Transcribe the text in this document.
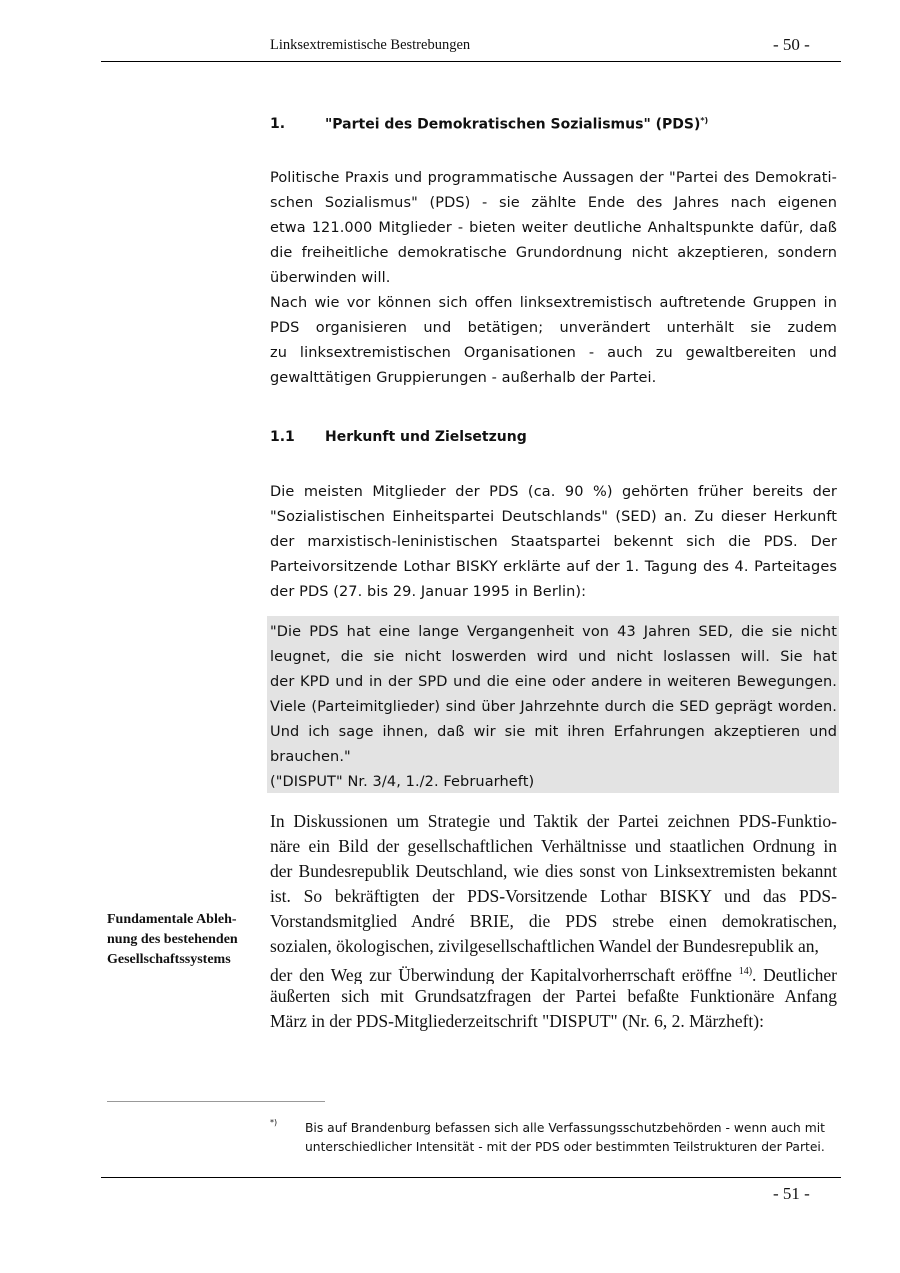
Linksextremistische Bestrebungen	- 50 -
1.	"Partei des Demokratischen Sozialismus" (PDS)*)
Politische Praxis und programmatische Aussagen der "Partei des Demokrati-
schen Sozialismus" (PDS) - sie zählte Ende des Jahres nach eigenen
etwa 121.000 Mitglieder - bieten weiter deutliche Anhaltspunkte dafür, daß
die freiheitliche demokratische Grundordnung nicht akzeptieren, sondern
überwinden will.
Nach wie vor können sich offen linksextremistisch auftretende Gruppen in
PDS organisieren und betätigen; unverändert unterhält sie zudem
zu linksextremistischen Organisationen - auch zu gewaltbereiten und
gewalttätigen Gruppierungen - außerhalb der Partei.
1.1 Herkunft und Zielsetzung
Die meisten Mitglieder der PDS (ca. 90 %) gehörten früher bereits der
"Sozialistischen Einheitspartei Deutschlands" (SED) an. Zu dieser Herkunft
der marxistisch-leninistischen Staatspartei bekennt sich die PDS. Der
Parteivorsitzende Lothar BISKY erklärte auf der 1. Tagung des 4. Parteitages
der PDS (27. bis 29. Januar 1995 in Berlin):
"Die PDS hat eine lange Vergangenheit von 43 Jahren SED, die sie nicht
leugnet, die sie nicht loswerden wird und nicht loslassen will. Sie hat
der KPD und in der SPD und die eine oder andere in weiteren Bewegungen.
Viele (Parteimitglieder) sind über Jahrzehnte durch die SED geprägt worden.
Und ich sage ihnen, daß wir sie mit ihren Erfahrungen akzeptieren und
brauchen."
("DISPUT" Nr. 3/4, 1./2. Februarheft)
In Diskussionen um Strategie und Taktik der Partei zeichnen PDS-Funktio-
näre ein Bild der gesellschaftlichen Verhältnisse und staatlichen Ordnung in
der Bundesrepublik Deutschland, wie dies sonst von Linksextremisten bekannt
ist. So bekräftigten der PDS-Vorsitzende Lothar BISKY und das PDS-
Vorstandsmitglied André BRIE, die PDS strebe einen demokratischen,
sozialen, ökologischen, zivilgesellschaftlichen Wandel der Bundesrepublik an,
der den Weg zur Überwindung der Kapitalvorherrschaft eröffne $^{14)}$. Deutlicher
äußerten sich mit Grundsatzfragen der Partei befaßte Funktionäre Anfang
März in der PDS-Mitgliederzeitschrift "DISPUT" (Nr. 6, 2. Märzheft):
Fundamentale Ableh-
nung des bestehenden
Gesellschaftssystems
*) Bis auf Brandenburg befassen sich alle Verfassungsschutzbehörden - wenn auch mit
unterschiedlicher Intensität - mit der PDS oder bestimmten Teilstrukturen der Partei.
- 51 -
